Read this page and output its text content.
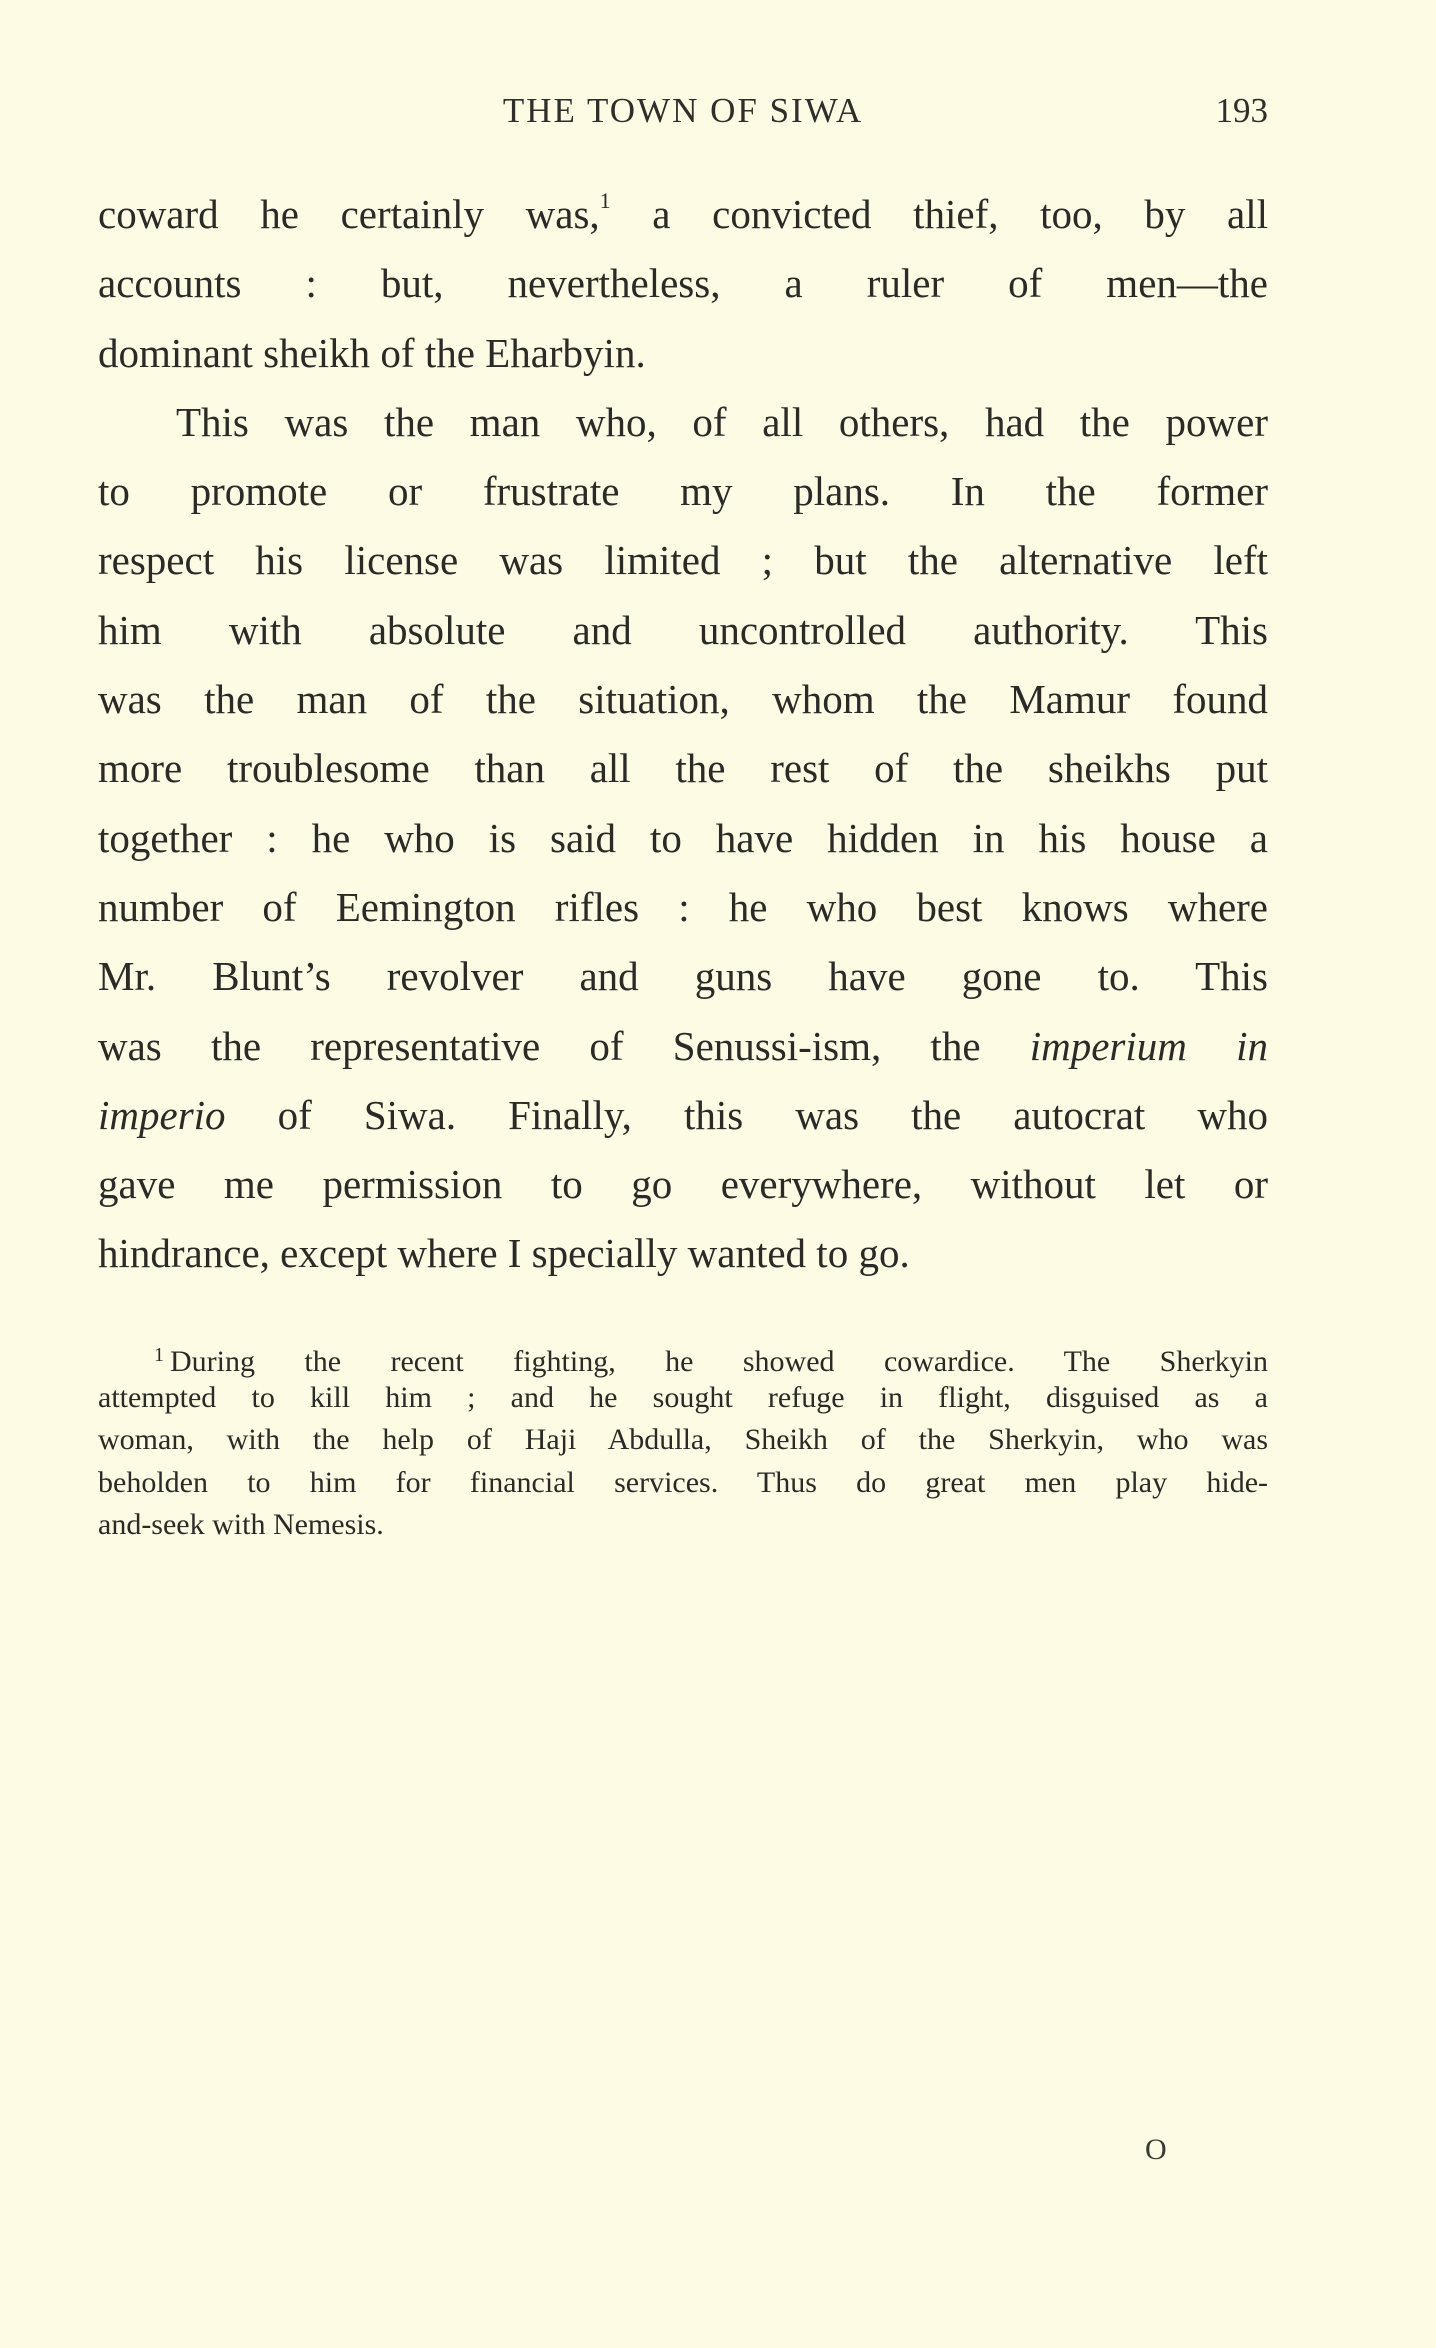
THE TOWN OF SIWA	193
coward he certainly was,$^1$ a convicted thief, too, by all
accounts : but, nevertheless, a ruler of men—the
dominant sheikh of the Eharbyin.
This was the man who, of all others, had the power
to promote or frustrate my plans. In the former
respect his license was limited ; but the alternative left
him with absolute and uncontrolled authority. This
was the man of the situation, whom the Mamur found
more troublesome than all the rest of the sheikhs put
together : he who is said to have hidden in his house a
number of Eemington rifles : he who best knows where
Mr. Blunt’s revolver and guns have gone to. This
was the representative of Senussi-ism, the imperium in
imperio of Siwa. Finally, this was the autocrat who
gave me permission to go everywhere, without let or
hindrance, except where I specially wanted to go.
$^1$ During the recent fighting, he showed cowardice. The Sherkyin
attempted to kill him ; and he sought refuge in flight, disguised as a
woman, with the help of Haji Abdulla, Sheikh of the Sherkyin, who was
beholden to him for financial services. Thus do great men play hide-
and-seek with Nemesis.
O
